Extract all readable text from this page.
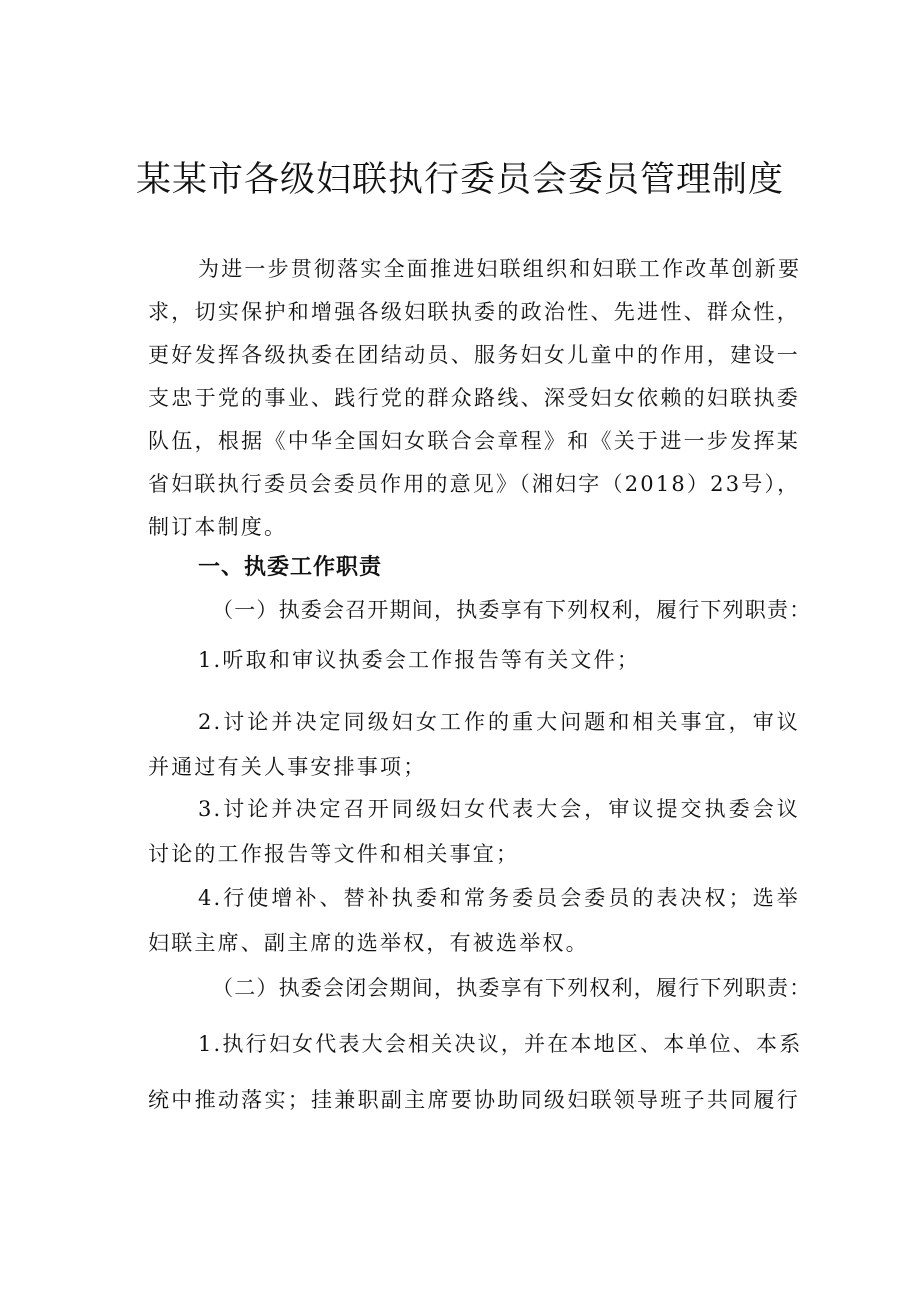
某某市各级妇联执行委员会委员管理制度
为进一步贯彻落实全面推进妇联组织和妇联工作改革创新要
求，切实保护和增强各级妇联执委的政治性、先进性、群众性，
更好发挥各级执委在团结动员、服务妇女儿童中的作用，建设一
支忠于党的事业、践行党的群众路线、深受妇女依赖的妇联执委
队伍，根据《中华全国妇女联合会章程》和《关于进一步发挥某
省妇联执行委员会委员作用的意见》（湘妇字（2018）23号），
制订本制度。
一、执委工作职责
（一）执委会召开期间，执委享有下列权利，履行下列职责：
1.听取和审议执委会工作报告等有关文件；
2.讨论并决定同级妇女工作的重大问题和相关事宜，审议
并通过有关人事安排事项；
3.讨论并决定召开同级妇女代表大会，审议提交执委会议
讨论的工作报告等文件和相关事宜；
4.行使增补、替补执委和常务委员会委员的表决权；选举
妇联主席、副主席的选举权，有被选举权。
（二）执委会闭会期间，执委享有下列权利，履行下列职责：
1.执行妇女代表大会相关决议，并在本地区、本单位、本系
统中推动落实；挂兼职副主席要协助同级妇联领导班子共同履行
